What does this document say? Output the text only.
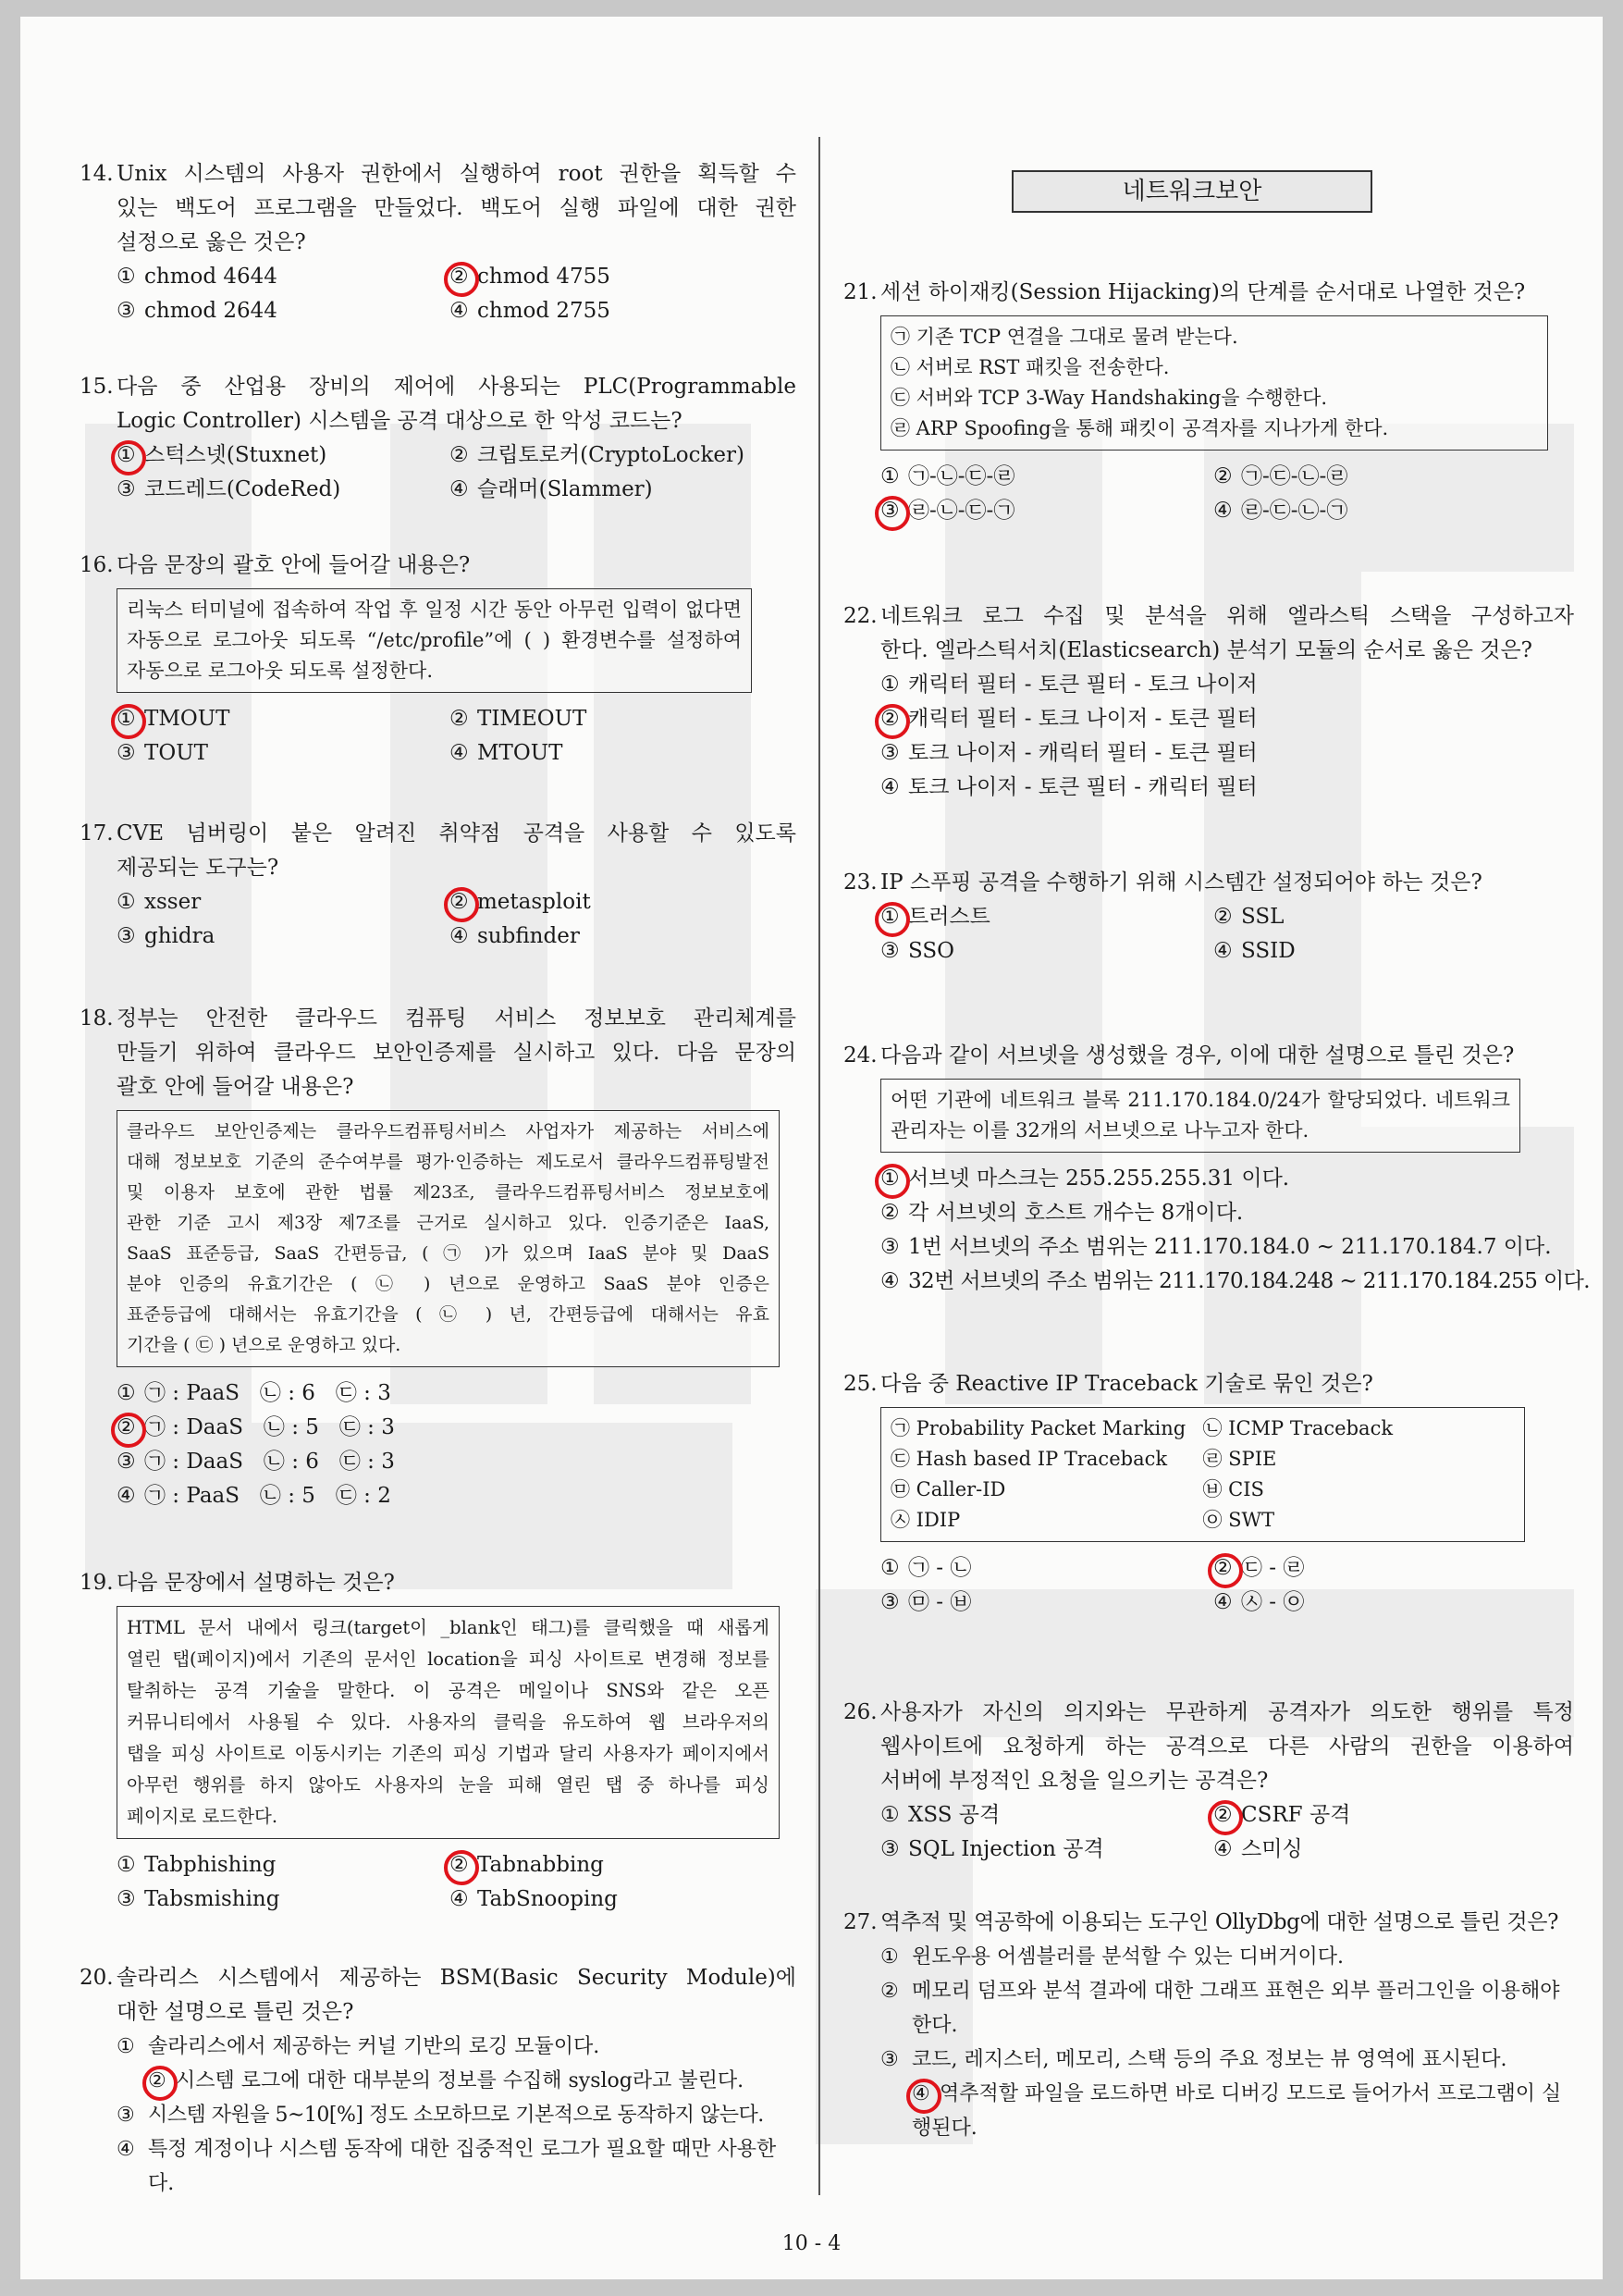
네트워크보안
14. Unix 시스템의 사용자 권한에서 실행하여 root 권한을 획득할 수
있는 백도어 프로그램을 만들었다. 백도어 실행 파일에 대한 권한
설정으로 옳은 것은?
① chmod 4644	② chmod 4755
③ chmod 2644	④ chmod 2755
15. 다음 중 산업용 장비의 제어에 사용되는 PLC(Programmable
Logic Controller) 시스템을 공격 대상으로 한 악성 코드는?
① 스턱스넷(Stuxnet)	② 크립토로커(CryptoLocker)
③ 코드레드(CodeRed)	④ 슬래머(Slammer)
16. 다음 문장의 괄호 안에 들어갈 내용은?
리눅스 터미널에 접속하여 작업 후 일정 시간 동안 아무런 입력이 없다면
자동으로 로그아웃 되도록 “/etc/profile”에 ( ) 환경변수를 설정하여
자동으로 로그아웃 되도록 설정한다.
① TMOUT	② TIMEOUT
③ TOUT	④ MTOUT
17. CVE 넘버링이 붙은 알려진 취약점 공격을 사용할 수 있도록
제공되는 도구는?
① xsser	② metasploit
③ ghidra	④ subfinder
18. 정부는 안전한 클라우드 컴퓨팅 서비스 정보보호 관리체계를
만들기 위하여 클라우드 보안인증제를 실시하고 있다. 다음 문장의
괄호 안에 들어갈 내용은?
클라우드 보안인증제는 클라우드컴퓨팅서비스 사업자가 제공하는 서비스에
대해 정보보호 기준의 준수여부를 평가·인증하는 제도로서 클라우드컴퓨팅발전
및 이용자 보호에 관한 법률 제23조, 클라우드컴퓨팅서비스 정보보호에
관한 기준 고시 제3장 제7조를 근거로 실시하고 있다. 인증기준은 IaaS,
SaaS 표준등급, SaaS 간편등급, ( ㉠ )가 있으며 IaaS 분야 및 DaaS
분야 인증의 유효기간은 ( ㉡ ) 년으로 운영하고 SaaS 분야 인증은
표준등급에 대해서는 유효기간을 ( ㉡ ) 년, 간편등급에 대해서는 유효
기간을 ( ㉢ ) 년으로 운영하고 있다.
① ㉠ : PaaS   ㉡ : 6   ㉢ : 3
② ㉠ : DaaS   ㉡ : 5   ㉢ : 3
③ ㉠ : DaaS   ㉡ : 6   ㉢ : 3
④ ㉠ : PaaS   ㉡ : 5   ㉢ : 2
19. 다음 문장에서 설명하는 것은?
HTML 문서 내에서 링크(target이 _blank인 태그)를 클릭했을 때 새롭게
열린 탭(페이지)에서 기존의 문서인 location을 피싱 사이트로 변경해 정보를
탈취하는 공격 기술을 말한다. 이 공격은 메일이나 SNS와 같은 오픈
커뮤니티에서 사용될 수 있다. 사용자의 클릭을 유도하여 웹 브라우저의
탭을 피싱 사이트로 이동시키는 기존의 피싱 기법과 달리 사용자가 페이지에서
아무런 행위를 하지 않아도 사용자의 눈을 피해 열린 탭 중 하나를 피싱
페이지로 로드한다.
① Tabphishing	② Tabnabbing
③ Tabsmishing	④ TabSnooping
20. 솔라리스 시스템에서 제공하는 BSM(Basic Security Module)에
대한 설명으로 틀린 것은?
① 솔라리스에서 제공하는 커널 기반의 로깅 모듈이다.
② 시스템 로그에 대한 대부분의 정보를 수집해 syslog라고 불린다.
③ 시스템 자원을 5~10[%] 정도 소모하므로 기본적으로 동작하지 않는다.
④ 특정 계정이나 시스템 동작에 대한 집중적인 로그가 필요할 때만 사용한다.
21. 세션 하이재킹(Session Hijacking)의 단계를 순서대로 나열한 것은?
㉠ 기존 TCP 연결을 그대로 물려 받는다.
㉡ 서버로 RST 패킷을 전송한다.
㉢ 서버와 TCP 3-Way Handshaking을 수행한다.
㉣ ARP Spoofing을 통해 패킷이 공격자를 지나가게 한다.
① ㉠-㉡-㉢-㉣	② ㉠-㉢-㉡-㉣
③ ㉣-㉡-㉢-㉠	④ ㉣-㉢-㉡-㉠
22. 네트워크 로그 수집 및 분석을 위해 엘라스틱 스택을 구성하고자
한다. 엘라스틱서치(Elasticsearch) 분석기 모듈의 순서로 옳은 것은?
① 캐릭터 필터 - 토큰 필터 - 토크 나이저
② 캐릭터 필터 - 토크 나이저 - 토큰 필터
③ 토크 나이저 - 캐릭터 필터 - 토큰 필터
④ 토크 나이저 - 토큰 필터 - 캐릭터 필터
23. IP 스푸핑 공격을 수행하기 위해 시스템간 설정되어야 하는 것은?
① 트러스트	② SSL
③ SSO	④ SSID
24. 다음과 같이 서브넷을 생성했을 경우, 이에 대한 설명으로 틀린 것은?
어떤 기관에 네트워크 블록 211.170.184.0/24가 할당되었다. 네트워크
관리자는 이를 32개의 서브넷으로 나누고자 한다.
① 서브넷 마스크는 255.255.255.31 이다.
② 각 서브넷의 호스트 개수는 8개이다.
③ 1번 서브넷의 주소 범위는 211.170.184.0 ~ 211.170.184.7 이다.
④ 32번 서브넷의 주소 범위는 211.170.184.248 ~ 211.170.184.255 이다.
25. 다음 중 Reactive IP Traceback 기술로 묶인 것은?
㉠ Probability Packet Marking ㉡ ICMP Traceback
㉢ Hash based IP Traceback	㉣ SPIE
㉤ Caller-ID	㉥ CIS
㉦ IDIP	㉧ SWT
① ㉠ - ㉡	② ㉢ - ㉣
③ ㉤ - ㉥	④ ㉦ - ㉧
26. 사용자가 자신의 의지와는 무관하게 공격자가 의도한 행위를 특정
웹사이트에 요청하게 하는 공격으로 다른 사람의 권한을 이용하여
서버에 부정적인 요청을 일으키는 공격은?
① XSS 공격	② CSRF 공격
③ SQL Injection 공격	④ 스미싱
27. 역추적 및 역공학에 이용되는 도구인 OllyDbg에 대한 설명으로 틀린 것은?
① 윈도우용 어셈블러를 분석할 수 있는 디버거이다.
② 메모리 덤프와 분석 결과에 대한 그래프 표현은 외부 플러그인을 이용해야 한다.
③ 코드, 레지스터, 메모리, 스택 등의 주요 정보는 뷰 영역에 표시된다.
④ 역추적할 파일을 로드하면 바로 디버깅 모드로 들어가서 프로그램이 실행된다.
10 - 4
